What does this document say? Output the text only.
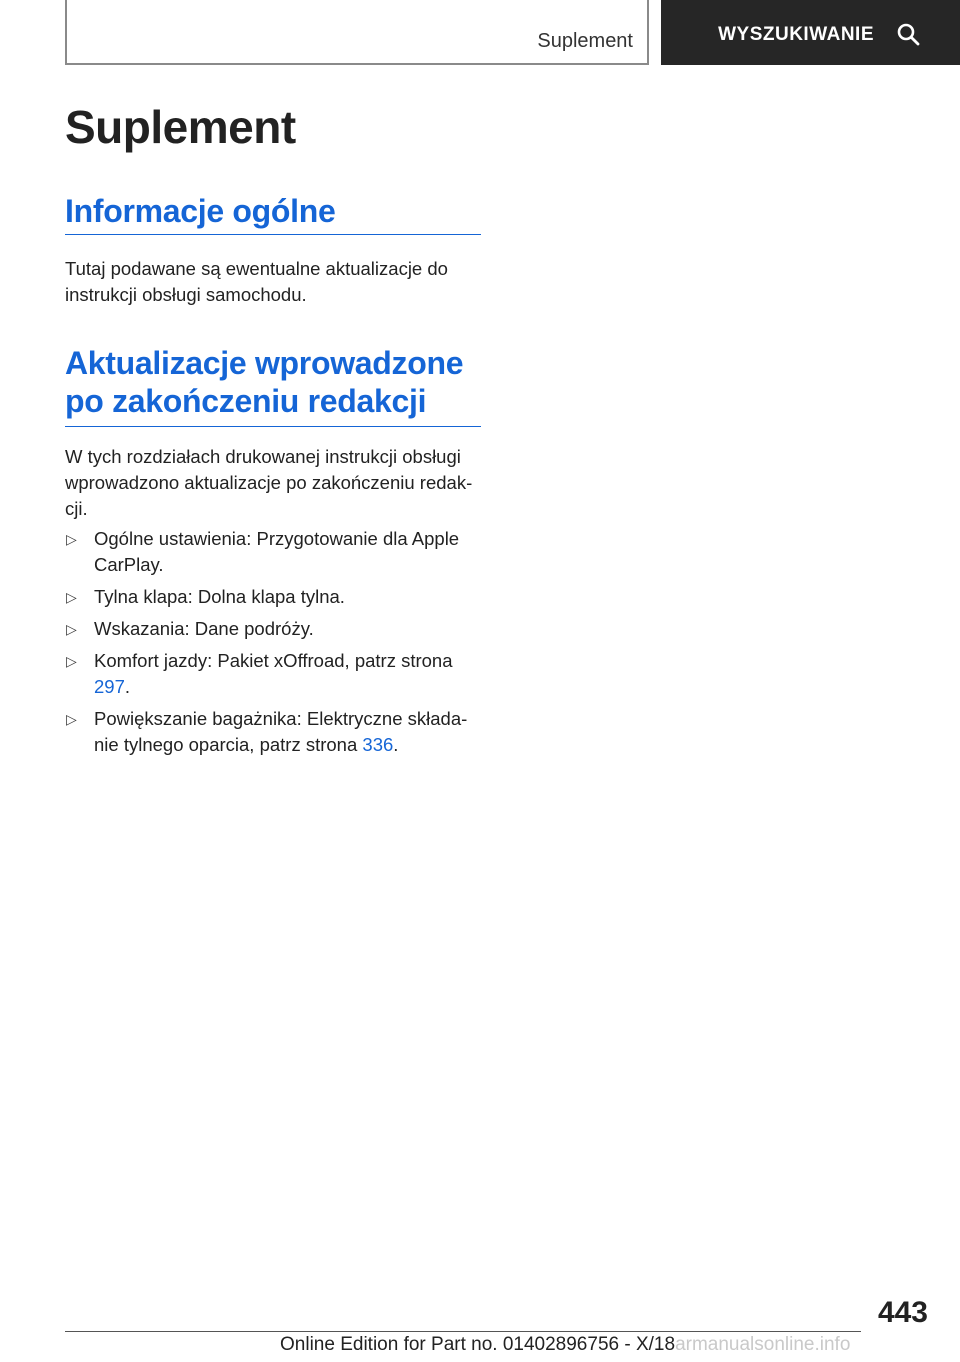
Suplement	WYSZUKIWANIE
Suplement
Informacje ogólne

Tutaj podawane są ewentualne aktualizacje do instrukcji obsługi samochodu.

Aktualizacje wprowadzone
po zakończeniu redakcji

W tych rozdziałach drukowanej instrukcji obsługi wprowadzono aktualizacje po zakończeniu redakcji.

▷ Ogólne ustawienia: Przygotowanie dla Apple CarPlay.
▷ Tylna klapa: Dolna klapa tylna.
▷ Wskazania: Dane podróży.
▷ Komfort jazdy: Pakiet xOffroad, patrz strona 297.
▷ Powiększanie bagażnika: Elektryczne składanie tylnego oparcia, patrz strona 336.
443
Online Edition for Part no. 01402896756 - X/18armanualsonline.info
